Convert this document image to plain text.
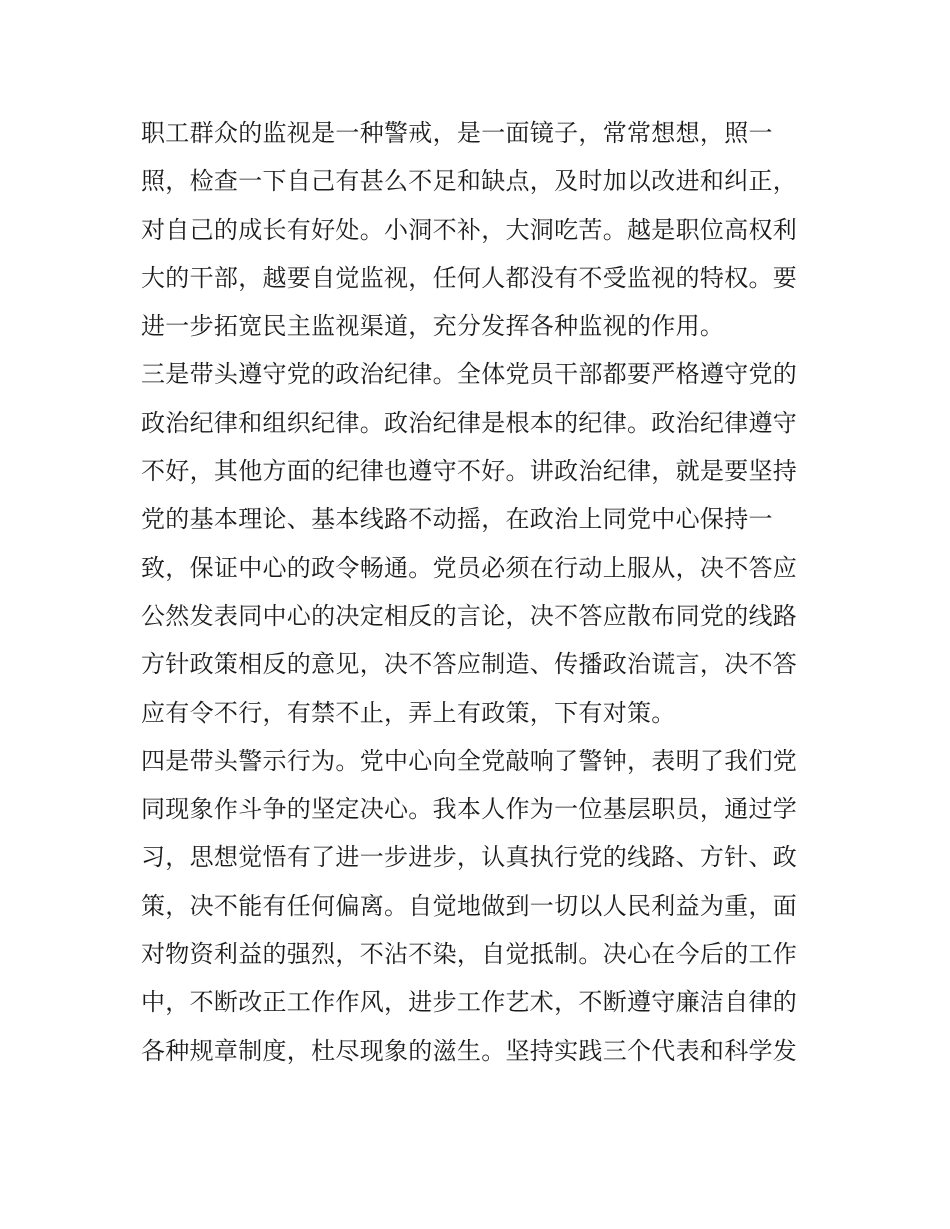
职工群众的监视是一种警戒，是一面镜子，常常想想，照一
照，检查一下自己有甚么不足和缺点，及时加以改进和纠正，
对自己的成长有好处。小洞不补，大洞吃苦。越是职位高权利
大的干部，越要自觉监视，任何人都没有不受监视的特权。要
进一步拓宽民主监视渠道，充分发挥各种监视的作用。
三是带头遵守党的政治纪律。全体党员干部都要严格遵守党的
政治纪律和组织纪律。政治纪律是根本的纪律。政治纪律遵守
不好，其他方面的纪律也遵守不好。讲政治纪律，就是要坚持
党的基本理论、基本线路不动摇，在政治上同党中心保持一
致，保证中心的政令畅通。党员必须在行动上服从，决不答应
公然发表同中心的决定相反的言论，决不答应散布同党的线路
方针政策相反的意见，决不答应制造、传播政治谎言，决不答
应有令不行，有禁不止，弄上有政策，下有对策。
四是带头警示行为。党中心向全党敲响了警钟，表明了我们党
同现象作斗争的坚定决心。我本人作为一位基层职员，通过学
习，思想觉悟有了进一步进步，认真执行党的线路、方针、政
策，决不能有任何偏离。自觉地做到一切以人民利益为重，面
对物资利益的强烈，不沾不染，自觉抵制。决心在今后的工作
中，不断改正工作作风，进步工作艺术，不断遵守廉洁自律的
各种规章制度，杜尽现象的滋生。坚持实践三个代表和科学发
